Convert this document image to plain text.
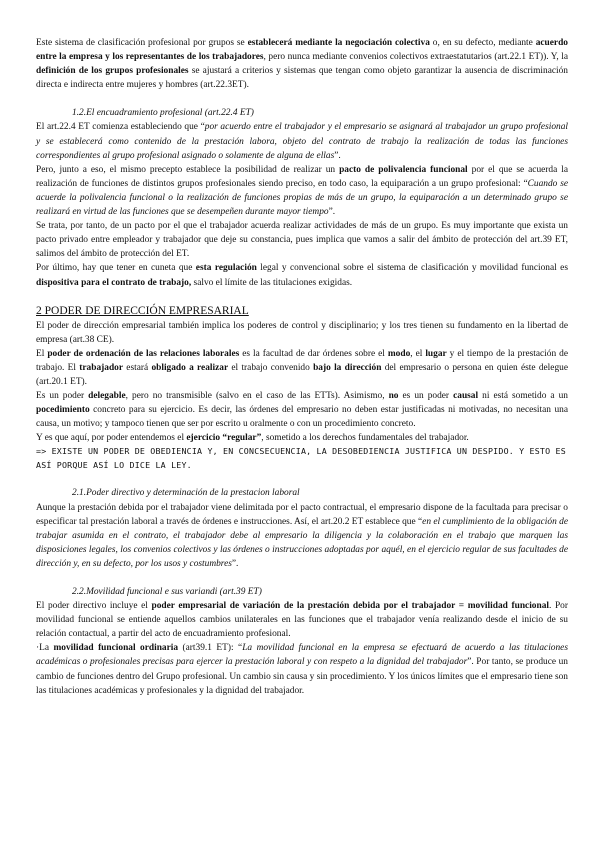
Este sistema de clasificación profesional por grupos se establecerá mediante la negociación colectiva o, en su defecto, mediante acuerdo entre la empresa y los representantes de los trabajadores, pero nunca mediante convenios colectivos extraestatutarios (art.22.1 ET)). Y, la definición de los grupos profesionales se ajustará a criterios y sistemas que tengan como objeto garantizar la ausencia de discriminación directa e indirecta entre mujeres y hombres (art.22.3ET).

1.2.El encuadramiento profesional (art.22.4 ET)

El art.22.4 ET comienza estableciendo que “por acuerdo entre el trabajador y el empresario se asignará al trabajador un grupo profesional y se establecerá como contenido de la prestación labora, objeto del contrato de trabajo la realización de todas las funciones correspondientes al grupo profesional asignado o solamente de alguna de ellas”.

Pero, junto a eso, el mismo precepto establece la posibilidad de realizar un pacto de polivalencia funcional por el que se acuerda la realización de funciones de distintos grupos profesionales siendo preciso, en todo caso, la equiparación a un grupo profesional: “Cuando se acuerde la polivalencia funcional o la realización de funciones propias de más de un grupo, la equiparación a un determinado grupo se realizará en virtud de las funciones que se desempeñen durante mayor tiempo”.

Se trata, por tanto, de un pacto por el que el trabajador acuerda realizar actividades de más de un grupo. Es muy importante que exista un pacto privado entre empleador y trabajador que deje su constancia, pues implica que vamos a salir del ámbito de protección del art.39 ET, salimos del ámbito de protección del ET.

Por último, hay que tener en cuneta que esta regulación legal y convencional sobre el sistema de clasificación y movilidad funcional es dispositiva para el contrato de trabajo, salvo el límite de las titulaciones exigidas.

2 PODER DE DIRECCIÓN EMPRESARIAL

El poder de dirección empresarial también implica los poderes de control y disciplinario; y los tres tienen su fundamento en la libertad de empresa (art.38 CE).

El poder de ordenación de las relaciones laborales es la facultad de dar órdenes sobre el modo, el lugar y el tiempo de la prestación de trabajo. El trabajador estará obligado a realizar el trabajo convenido bajo la dirección del empresario o persona en quien éste delegue (art.20.1 ET).

Es un poder delegable, pero no transmisible (salvo en el caso de las ETTs). Asimismo, no es un poder causal ni está sometido a un pocedimiento concreto para su ejercicio. Es decir, las órdenes del empresario no deben estar justificadas ni motivadas, no necesitan una causa, un motivo; y tampoco tienen que ser por escrito u oralmente o con un procedimiento concreto.

Y es que aquí, por poder entendemos el ejercicio “regular”, sometido a los derechos fundamentales del trabajador.

=> EXISTE UN PODER DE OBEDIENCIA Y, EN CONCSECUENCIA, LA DESOBEDIENCIA JUSTIFICA UN DESPIDO. Y ESTO ES ASÍ PORQUE ASÍ LO DICE LA LEY.

2.1.Poder directivo y determinación de la prestacion laboral

Aunque la prestación debida por el trabajador viene delimitada por el pacto contractual, el empresario dispone de la facultada para precisar o especificar tal prestación laboral a través de órdenes e instrucciones. Así, el art.20.2 ET establece que “en el cumplimiento de la obligación de trabajar asumida en el contrato, el trabajador debe al empresario la diligencia y la colaboración en el trabajo que marquen las disposiciones legales, los convenios colectivos y las órdenes o instrucciones adoptadas por aquél, en el ejercicio regular de sus facultades de dirección y, en su defecto, por los usos y costumbres”.

2.2.Movilidad funcional e sus variandi (art.39 ET)

El poder directivo incluye el poder empresarial de variación de la prestación debida por el trabajador = movilidad funcional. Por movilidad funcional se entiende aquellos cambios unilaterales en las funciones que el trabajador venía realizando desde el inicio de su relación contactual, a partir del acto de encuadramiento profesional.

·La movilidad funcional ordinaria (art39.1 ET): “La movilidad funcional en la empresa se efectuará de acuerdo a las titulaciones académicas o profesionales precisas para ejercer la prestación laboral y con respeto a la dignidad del trabajador”. Por tanto, se produce un cambio de funciones dentro del Grupo profesional. Un cambio sin causa y sin procedimiento. Y los únicos límites que el empresario tiene son las titulaciones académicas y profesionales y la dignidad del trabajador.
